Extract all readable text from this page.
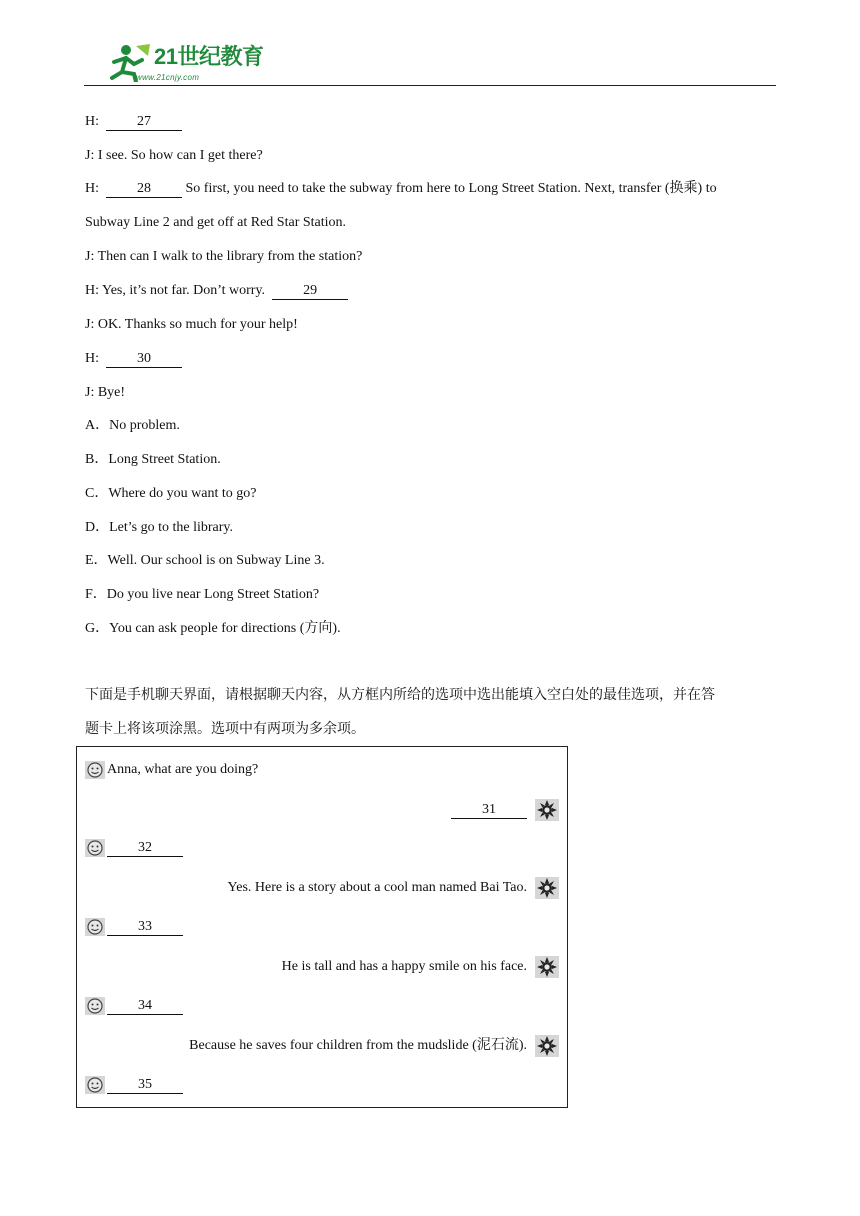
21世纪教育
www.21cnjy.com
H:	27
J: I see. So how can I get there?
H:	28 So first, you need to take the subway from here to Long Street Station. Next, transfer (换乘) to
Subway Line 2 and get off at Red Star Station.
J: Then can I walk to the library from the station?
H: Yes, it’s not far. Don’t worry.	29
J: OK. Thanks so much for your help!
H:	30
J: Bye!
A．No problem.
B．Long Street Station.
C．Where do you want to go?
D．Let’s go to the library.
E．Well. Our school is on Subway Line 3.
F．Do you live near Long Street Station?
G．You can ask people for directions (方向).
下面是手机聊天界面，请根据聊天内容，从方框内所给的选项中选出能填入空白处的最佳选项，并在答
题卡上将该项涂黑。选项中有两项为多余项。
Anna, what are you doing?
31
32
Yes. Here is a story about a cool man named Bai Tao.
33
He is tall and has a happy smile on his face.
34
Because he saves four children from the mudslide (泥石流).
35
